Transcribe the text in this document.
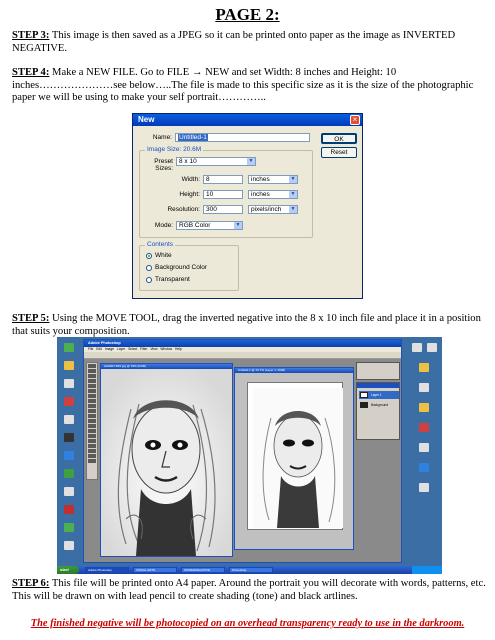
PAGE 2:
STEP 3: This image is then saved as a JPEG so it can be printed onto paper as the image as INVERTED NEGATIVE.
STEP 4: Make a NEW FILE. Go to FILE → NEW and set Width: 8 inches and Height: 10 inches…………………see below…..The file is made to this specific size as it is the size of the photographic paper we will be using to make your self portrait…………..
New	×
Name:	Untitled-1	OK
Reset
Image Size: 20.6M
Preset Sizes:
8 x 10	▼
Width: 8	inches	▼
Height: 10	inches	▼
Resolution: 300	pixels/inch	▼
Mode: RGB Color	▼
Contents
White
Background Color
Transparent
STEP 5: Using the MOVE TOOL, drag the inverted negative into the 8 x 10 inch file and place it in a position that suits your composition.
Adobe Photoshop
File Edit Image Layer Select Filter View Window Help
HAIDET-B01.jpg @ 33% (RGB)
Untitled-1 @ 16.7% (Layer 1, RGB)
Layer 1
Background
start	Adobe Photoshop	VISUAL ARTS	SPIDERNEGATIVE	Photoshop
STEP 6: This file will be printed onto A4 paper. Around the portrait you will decorate with words, patterns, etc. This will be drawn on with lead pencil to create shading (tone) and black artlines.
The finished negative will be photocopied on an overhead transparency ready to use in the darkroom.
